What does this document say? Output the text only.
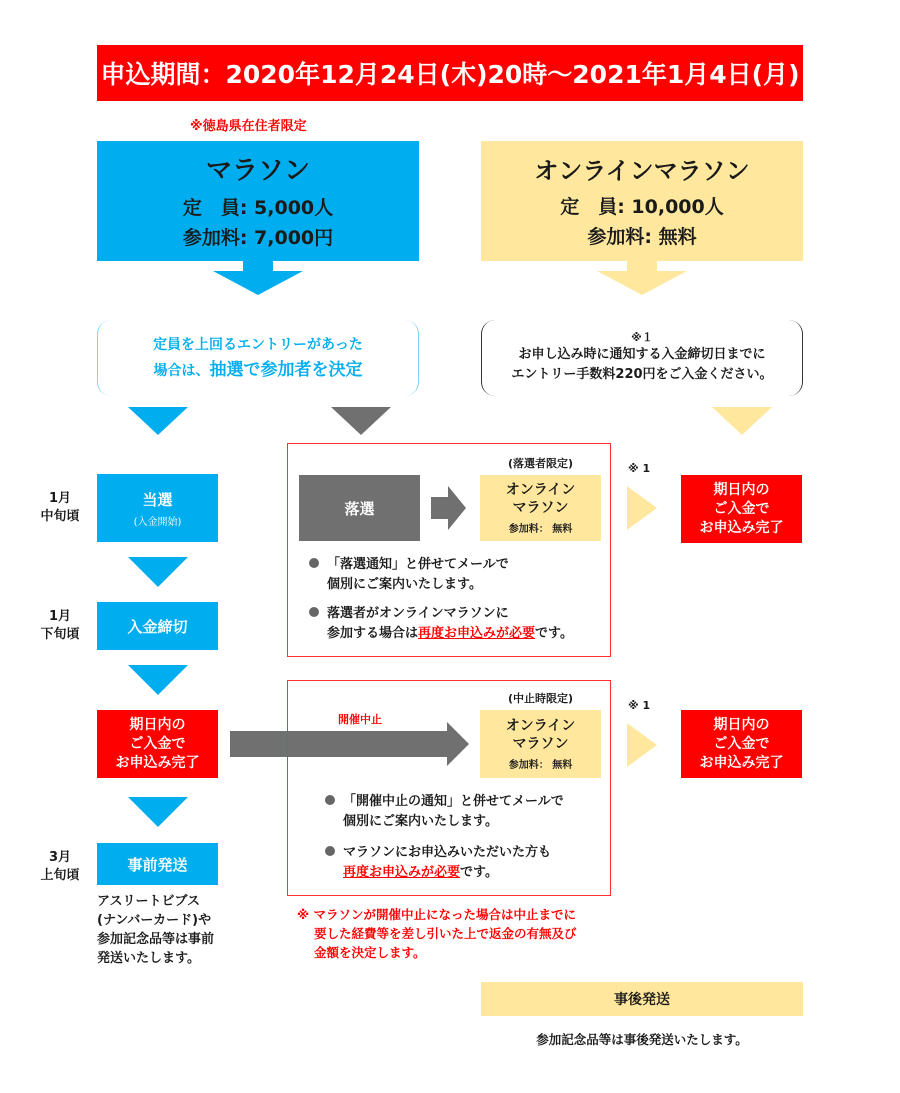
申込期間：2020年12月24日(木)20時〜2021年1月4日(月)
※徳島県在住者限定
マラソン
定　員: 5,000人
参加料: 7,000円
オンラインマラソン
定　員: 10,000人
参加料: 無料
定員を上回るエントリーがあった
場合は、抽選で参加者を決定
※１
お申し込み時に通知する入金締切日までに
エントリー手数料220円をご入金ください。
1月
中旬頃
1月
下旬頃
3月
上旬頃
当選
(入金開始)
入金締切
期日内の
ご入金で
お申込み完了
事前発送
アスリートビブス
(ナンバーカード)や
参加記念品等は事前
発送いたします。
落選
(落選者限定)
オンライン
マラソン
参加料： 無料
「落選通知」と併せてメールで
個別にご案内いたします。
落選者がオンラインマラソンに
参加する場合は再度お申込みが必要です。
※ 1
期日内の
ご入金で
お申込み完了
開催中止
(中止時限定)
オンライン
マラソン
参加料： 無料
「開催中止の通知」と併せてメールで
個別にご案内いたします。
マラソンにお申込みいただいた方も
再度お申込みが必要です。
※ 1
期日内の
ご入金で
お申込み完了
※ マラソンが開催中止になった場合は中止までに
要した経費等を差し引いた上で返金の有無及び
金額を決定します。
事後発送
参加記念品等は事後発送いたします。
